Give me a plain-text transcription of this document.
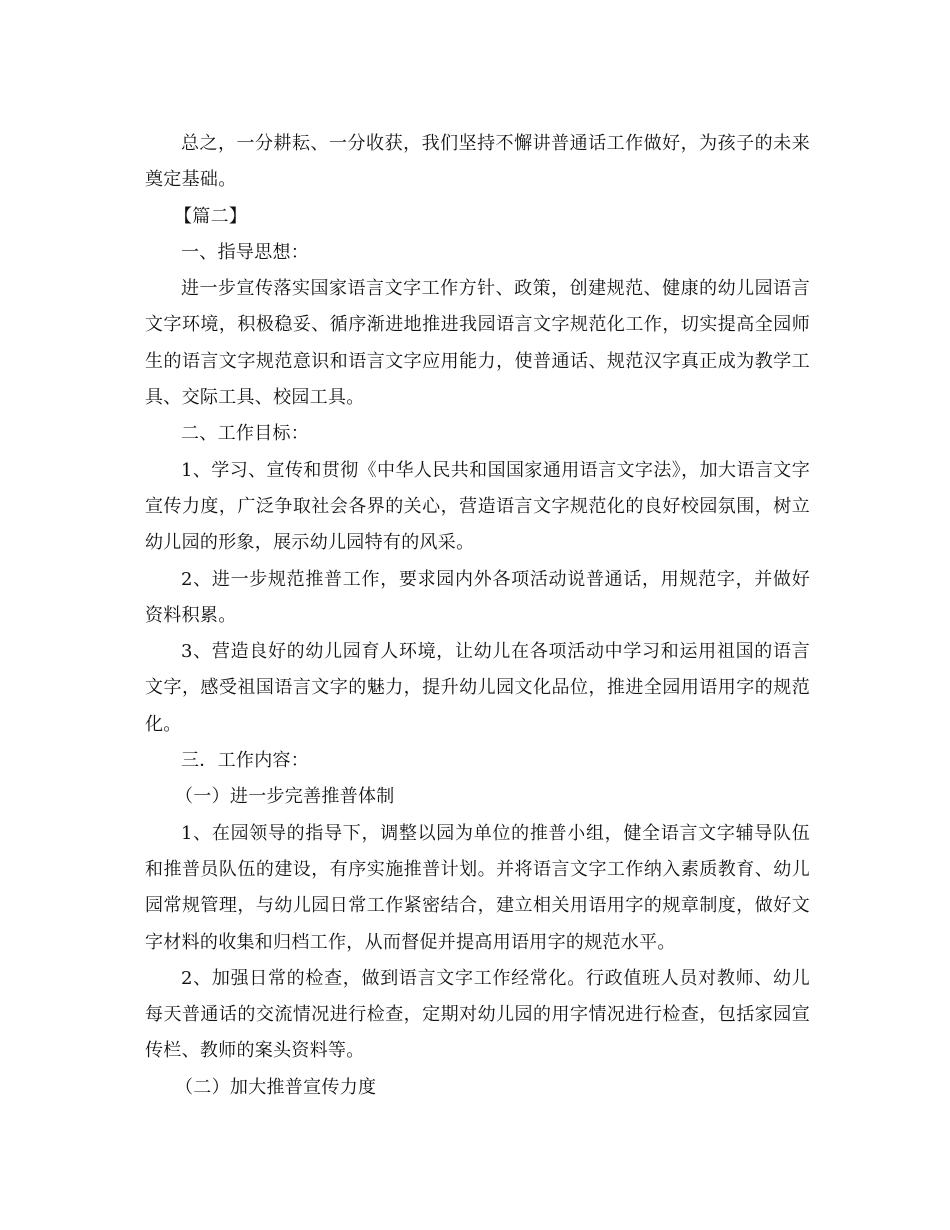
总之，一分耕耘、一分收获，我们坚持不懈讲普通话工作做好，为孩子的未来奠定基础。

【篇二】

一、指导思想：

进一步宣传落实国家语言文字工作方针、政策，创建规范、健康的幼儿园语言文字环境，积极稳妥、循序渐进地推进我园语言文字规范化工作，切实提高全园师生的语言文字规范意识和语言文字应用能力，使普通话、规范汉字真正成为教学工具、交际工具、校园工具。

二、工作目标：

1、学习、宣传和贯彻《中华人民共和国国家通用语言文字法》，加大语言文字宣传力度，广泛争取社会各界的关心，营造语言文字规范化的良好校园氛围，树立幼儿园的形象，展示幼儿园特有的风采。

2、进一步规范推普工作，要求园内外各项活动说普通话，用规范字，并做好资料积累。

3、营造良好的幼儿园育人环境，让幼儿在各项活动中学习和运用祖国的语言文字，感受祖国语言文字的魅力，提升幼儿园文化品位，推进全园用语用字的规范化。

三．工作内容：

（一）进一步完善推普体制

1、在园领导的指导下，调整以园为单位的推普小组，健全语言文字辅导队伍和推普员队伍的建设，有序实施推普计划。并将语言文字工作纳入素质教育、幼儿园常规管理，与幼儿园日常工作紧密结合，建立相关用语用字的规章制度，做好文字材料的收集和归档工作，从而督促并提高用语用字的规范水平。

2、加强日常的检查，做到语言文字工作经常化。行政值班人员对教师、幼儿每天普通话的交流情况进行检查，定期对幼儿园的用字情况进行检查，包括家园宣传栏、教师的案头资料等。

（二）加大推普宣传力度
